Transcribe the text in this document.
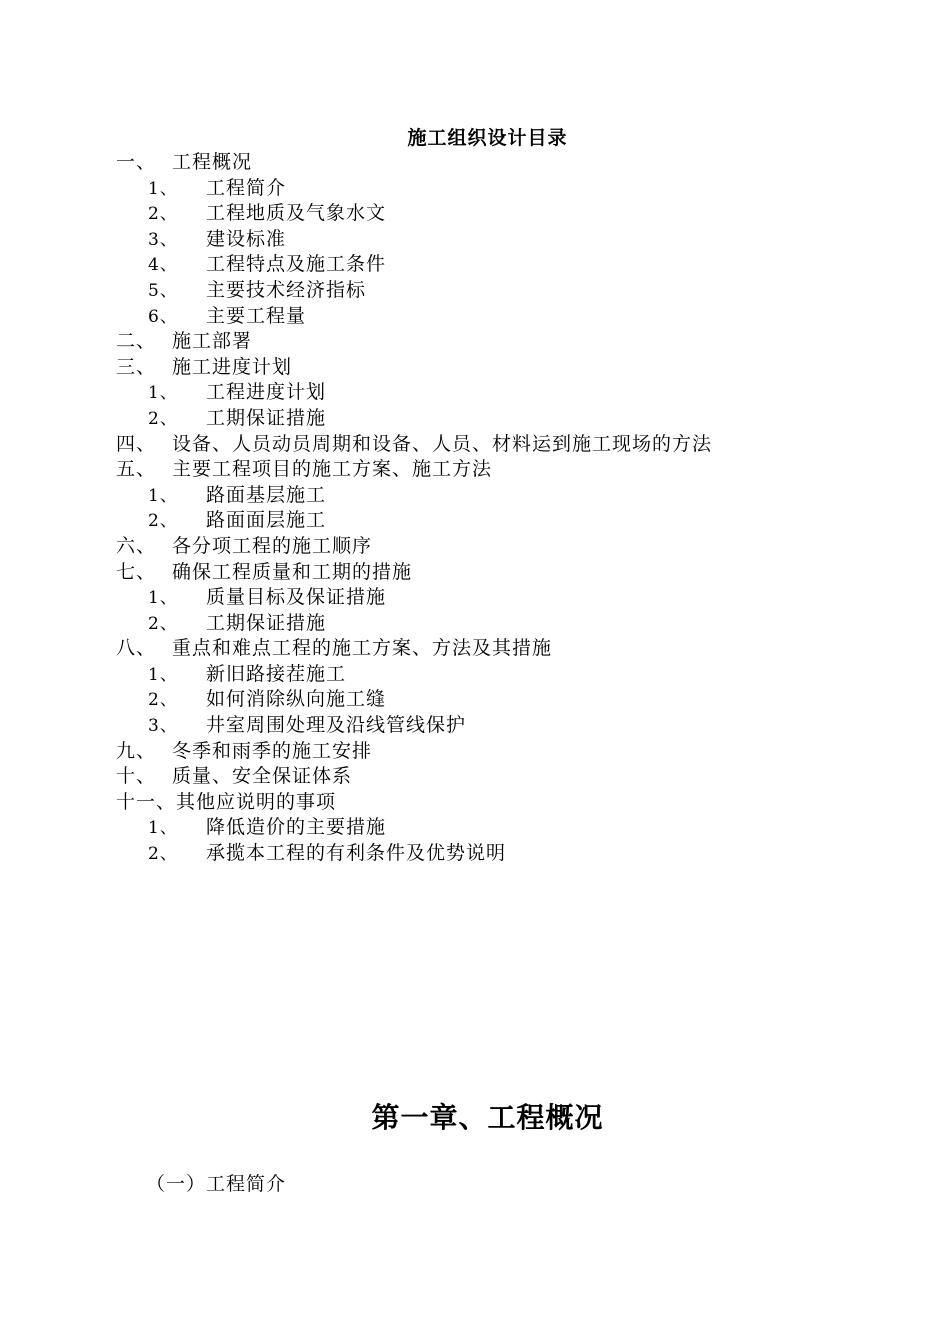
施工组织设计目录
一、 工程概况
1、 工程简介
2、 工程地质及气象水文
3、 建设标准
4、 工程特点及施工条件
5、 主要技术经济指标
6、 主要工程量
二、 施工部署
三、 施工进度计划
1、 工程进度计划
2、 工期保证措施
四、 设备、人员动员周期和设备、人员、材料运到施工现场的方法
五、 主要工程项目的施工方案、施工方法
1、 路面基层施工
2、 路面面层施工
六、 各分项工程的施工顺序
七、 确保工程质量和工期的措施
1、 质量目标及保证措施
2、 工期保证措施
八、 重点和难点工程的施工方案、方法及其措施
1、 新旧路接茬施工
2、 如何消除纵向施工缝
3、 井室周围处理及沿线管线保护
九、 冬季和雨季的施工安排
十、 质量、安全保证体系
十一、其他应说明的事项
1、 降低造价的主要措施
2、 承揽本工程的有利条件及优势说明
第一章、工程概况
（一）工程简介
